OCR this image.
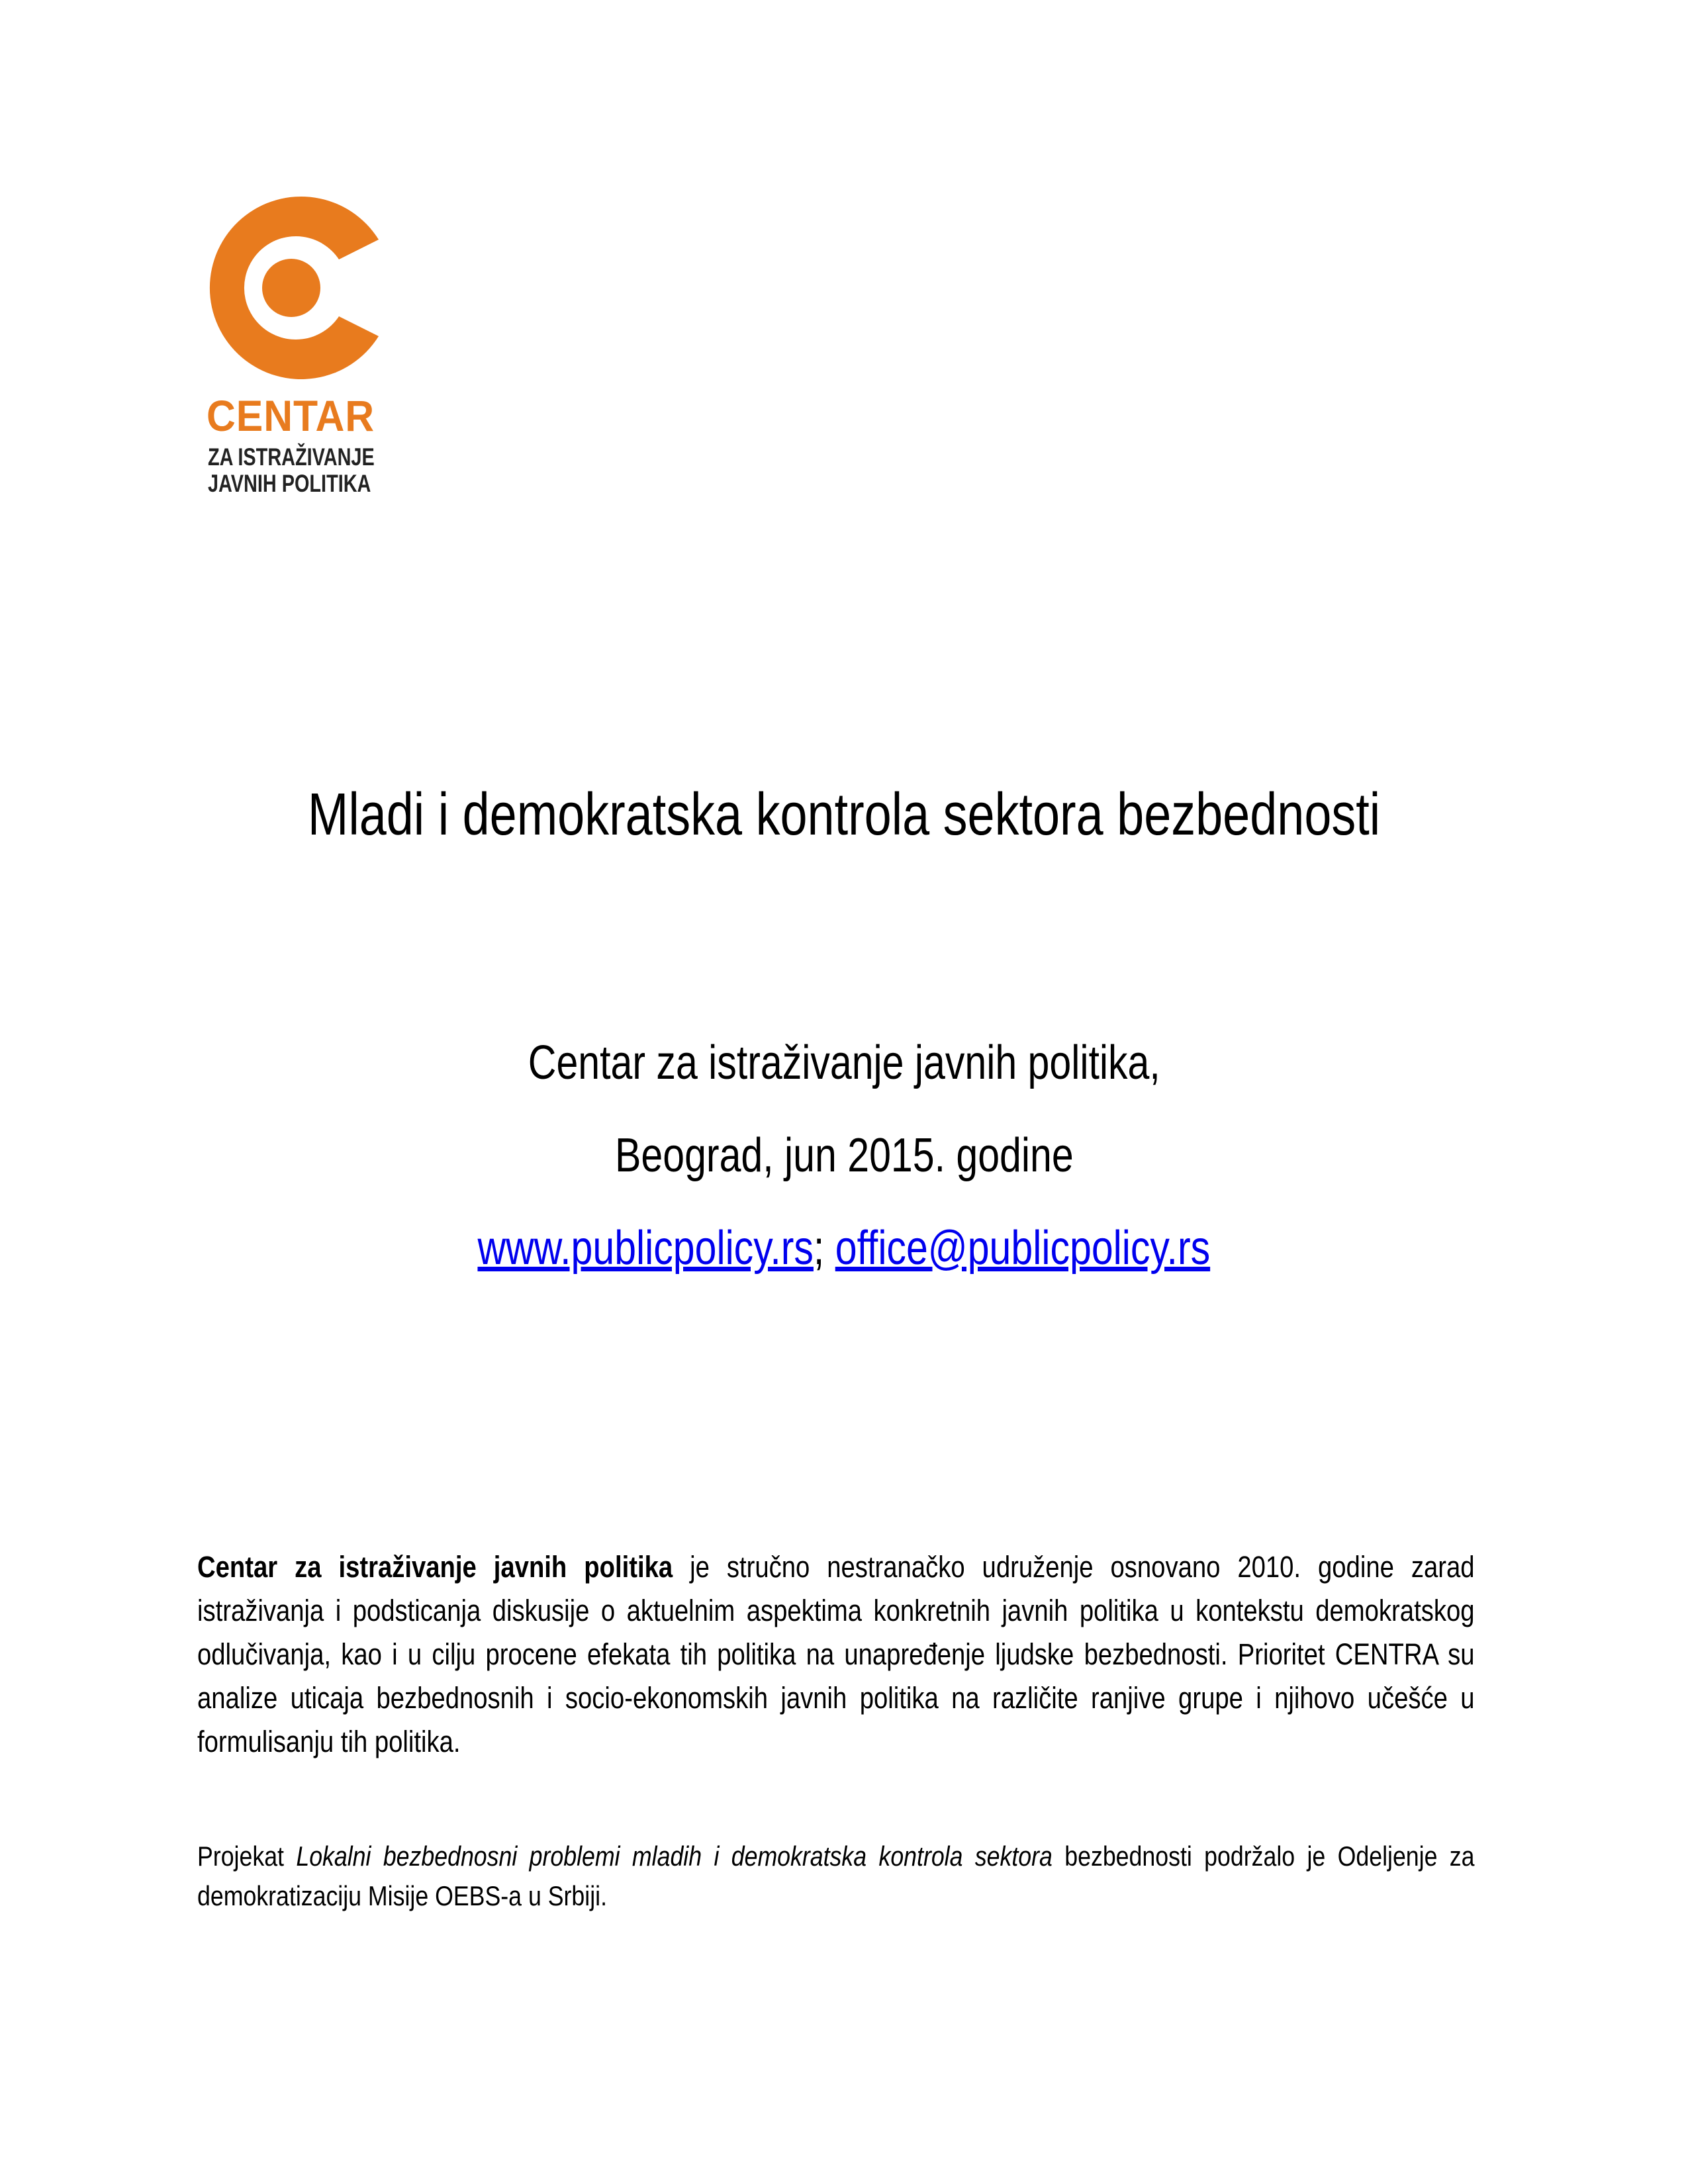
CENTAR
ZA ISTRAŽIVANJE
JAVNIH POLITIKA
Mladi i demokratska kontrola sektora bezbednosti
Centar za istraživanje javnih politika,
Beograd, jun 2015. godine
www.publicpolicy.rs; office@publicpolicy.rs
Centar za istraživanje javnih politika je stručno nestranačko udruženje osnovano 2010. godine zarad istraživanja i podsticanja diskusije o aktuelnim aspektima konkretnih javnih politika u kontekstu demokratskog odlučivanja, kao i u cilju procene efekata tih politika na unapređenje ljudske bezbednosti. Prioritet CENTRA su analize uticaja bezbednosnih i socio-ekonomskih javnih politika na različite ranjive grupe i njihovo učešće u formulisanju tih politika.
Projekat Lokalni bezbednosni problemi mladih i demokratska kontrola sektora bezbednosti podržalo je Odeljenje za demokratizaciju Misije OEBS-a u Srbiji.
